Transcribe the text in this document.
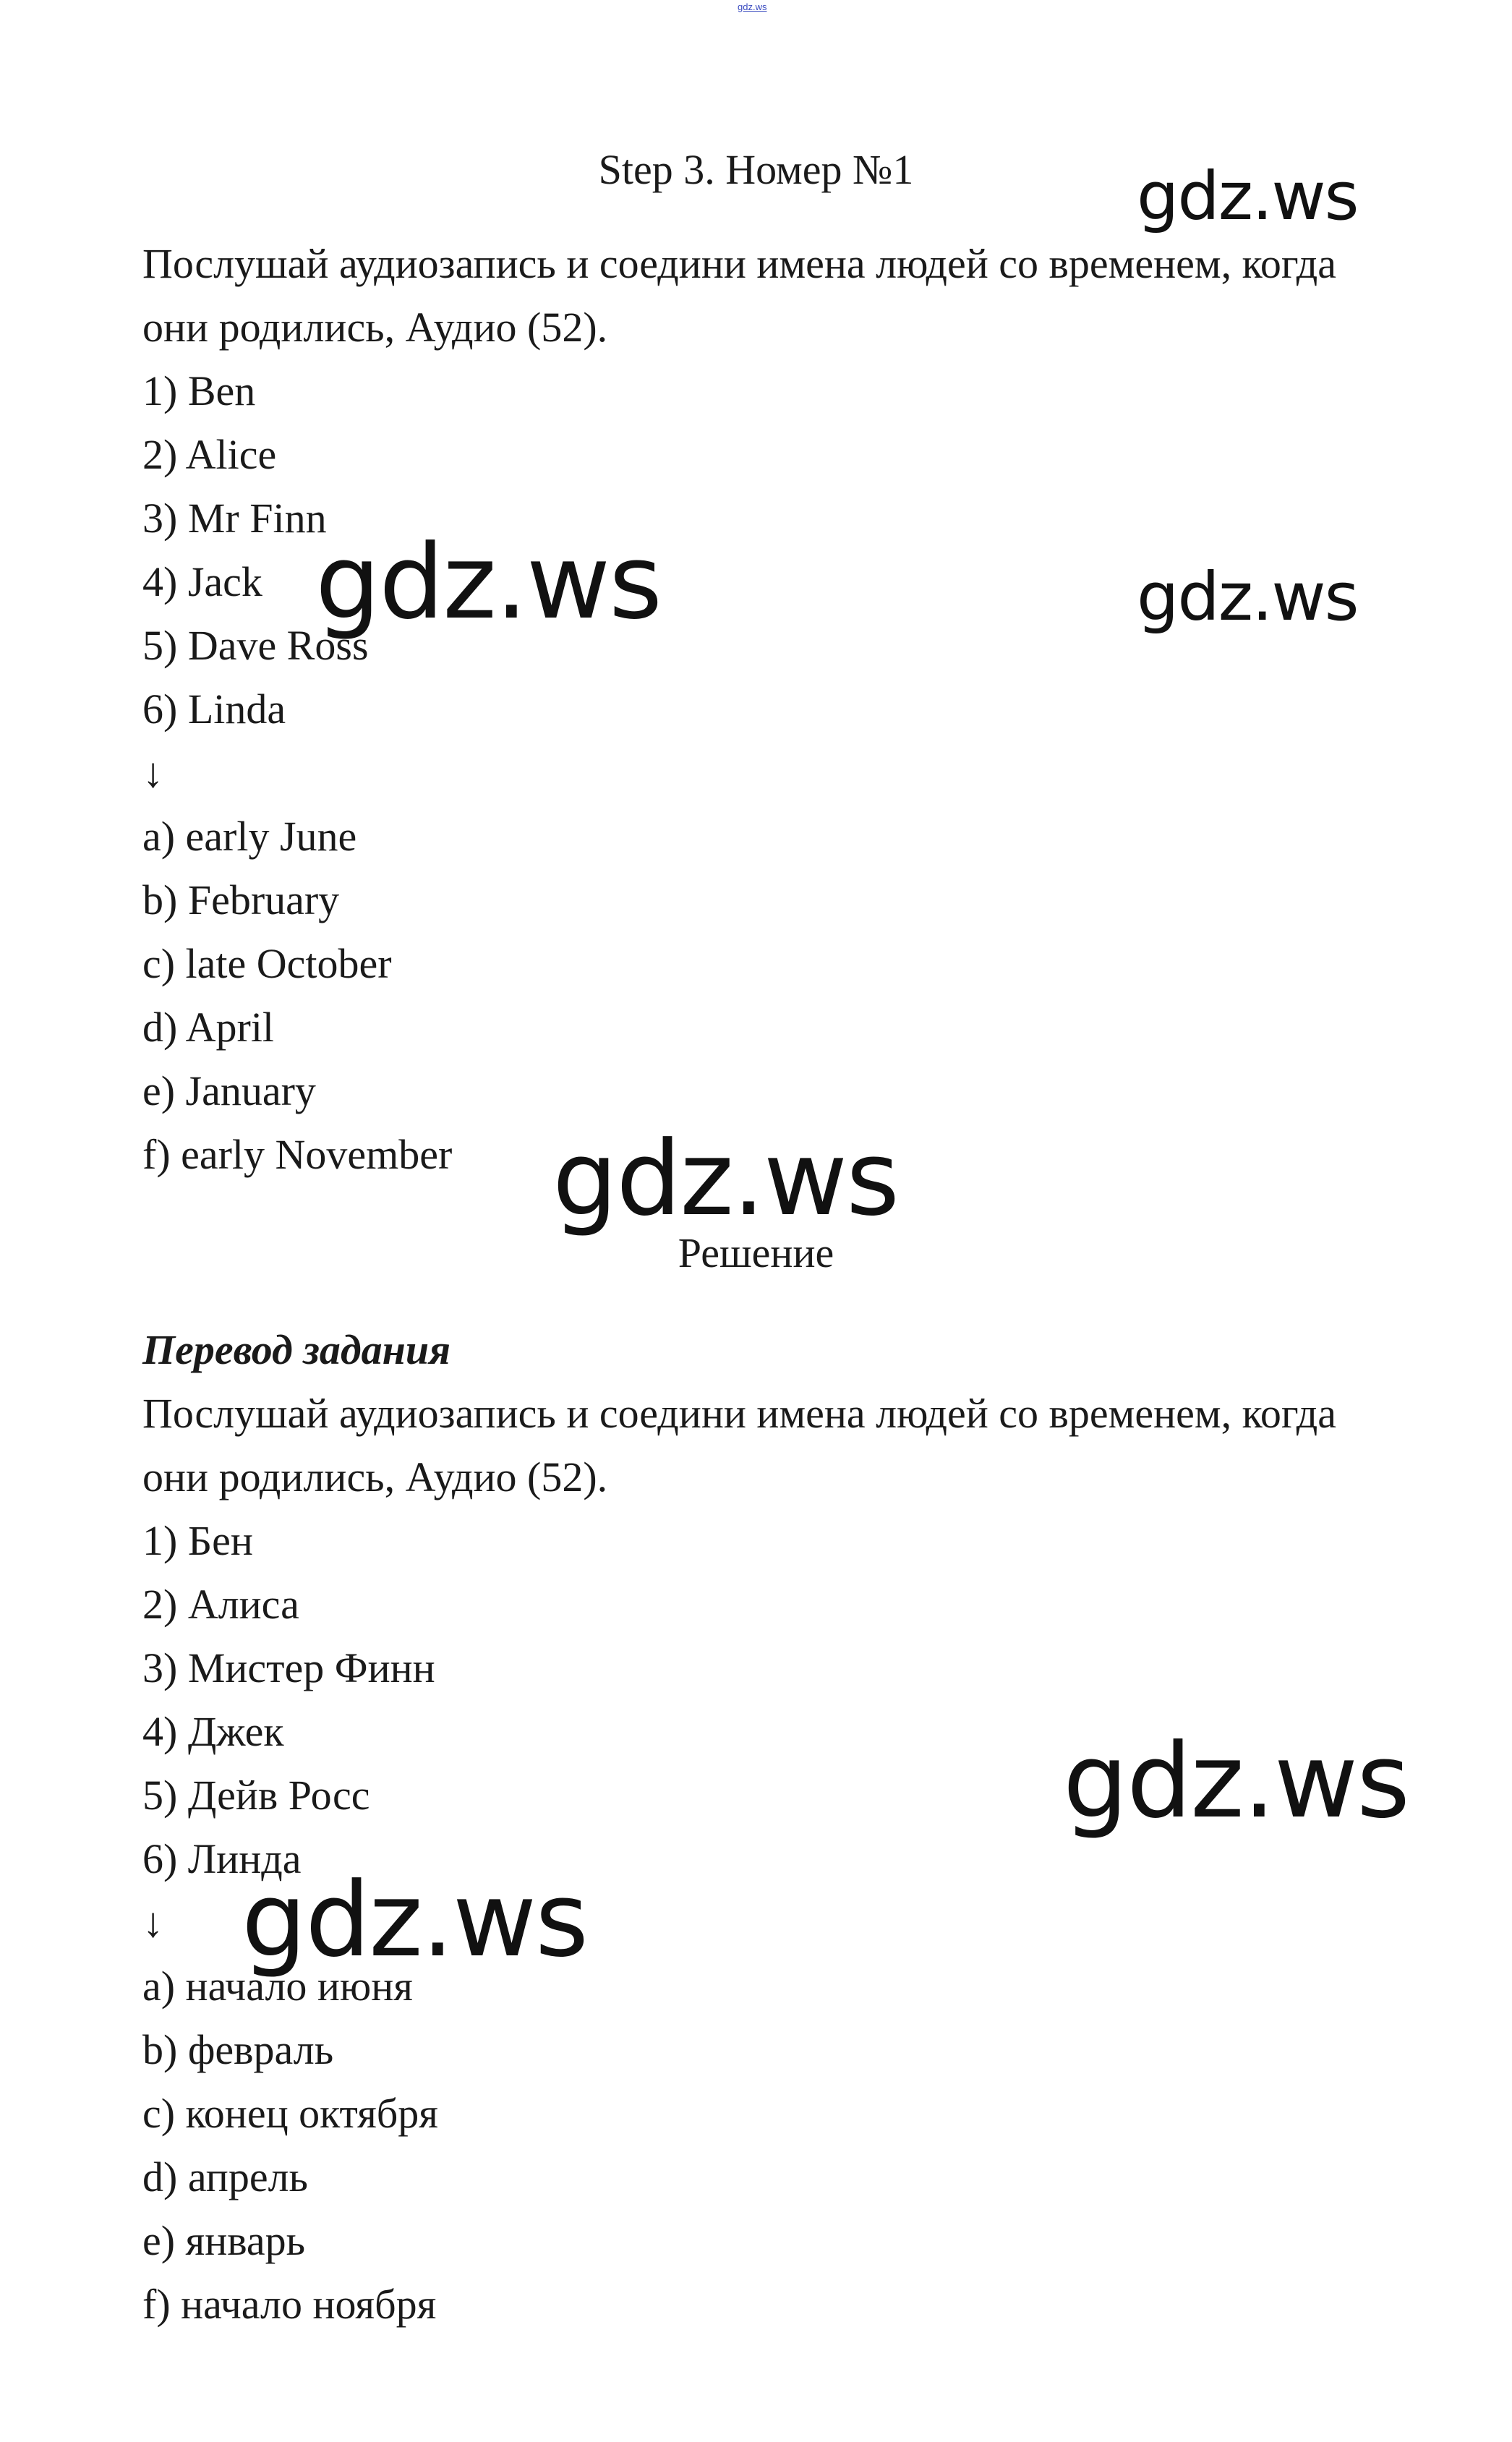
gdz.ws
Step 3. Номер №1
Послушай аудиозапись и соедини имена людей со временем, когда
они родились, Аудио (52).
1) Ben
2) Alice
3) Mr Finn
4) Jack
5) Dave Ross
6) Linda
↓
a) early June
b) February
c) late October
d) April
e) January
f) early November
Решение
Перевод задания
Послушай аудиозапись и соедини имена людей со временем, когда
они родились, Аудио (52).
1) Бен
2) Алиса
3) Мистер Финн
4) Джек
5) Дейв Росс
6) Линда
↓
a) начало июня
b) февраль
c) конец октября
d) апрель
e) январь
f) начало ноября
gdz.ws
gdz.ws	gdz.ws
gdz.ws
gdz.ws
gdz.ws
